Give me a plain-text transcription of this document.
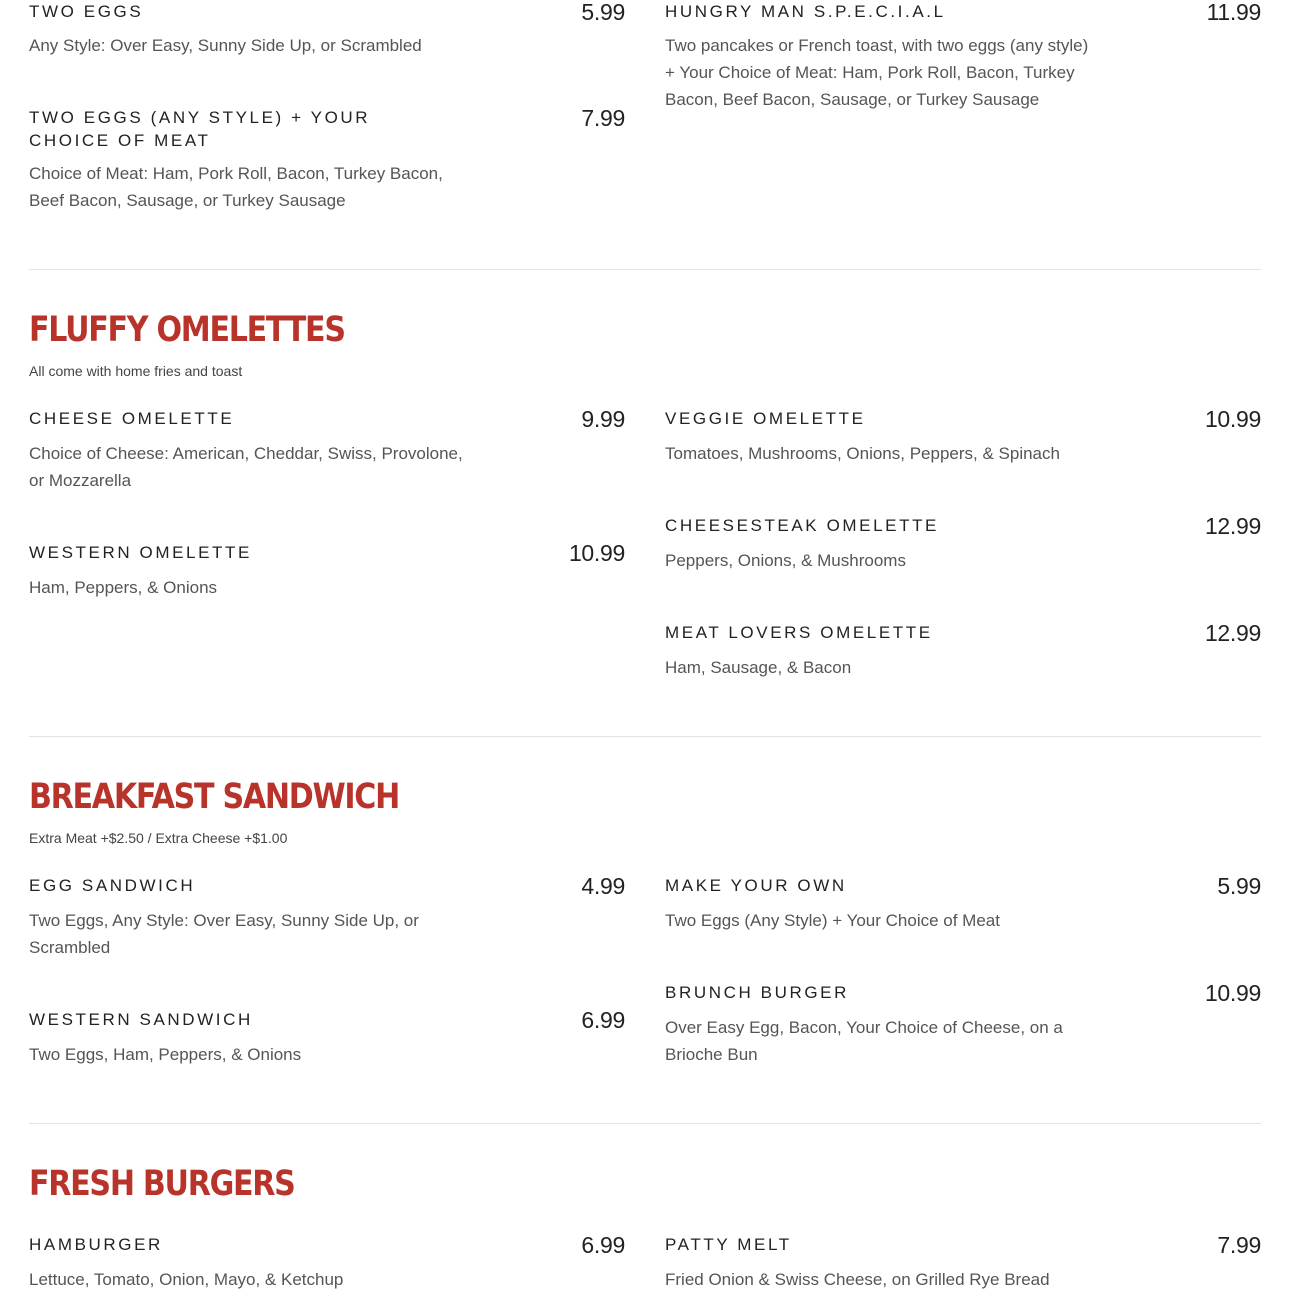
TWO EGGS	5.99
Any Style: Over Easy, Sunny Side Up, or Scrambled
TWO EGGS (ANY STYLE) + YOUR CHOICE OF MEAT
7.99
Choice of Meat: Ham, Pork Roll, Bacon, Turkey Bacon, Beef Bacon, Sausage, or Turkey Sausage
HUNGRY MAN S.P.E.C.I.A.L	11.99
Two pancakes or French toast, with two eggs (any style) + Your Choice of Meat: Ham, Pork Roll, Bacon, Turkey Bacon, Beef Bacon, Sausage, or Turkey Sausage
FLUFFY OMELETTES
All come with home fries and toast
CHEESE OMELETTE	9.99
Choice of Cheese: American, Cheddar, Swiss, Provolone, or Mozzarella
WESTERN OMELETTE	10.99
Ham, Peppers, & Onions
VEGGIE OMELETTE	10.99
Tomatoes, Mushrooms, Onions, Peppers, & Spinach
CHEESESTEAK OMELETTE	12.99
Peppers, Onions, & Mushrooms
MEAT LOVERS OMELETTE	12.99
Ham, Sausage, & Bacon
BREAKFAST SANDWICH
Extra Meat +$2.50 / Extra Cheese +$1.00
EGG SANDWICH	4.99
Two Eggs, Any Style: Over Easy, Sunny Side Up, or Scrambled
WESTERN SANDWICH	6.99
Two Eggs, Ham, Peppers, & Onions
MAKE YOUR OWN	5.99
Two Eggs (Any Style) + Your Choice of Meat
BRUNCH BURGER	10.99
Over Easy Egg, Bacon, Your Choice of Cheese, on a Brioche Bun
FRESH BURGERS
HAMBURGER	6.99
Lettuce, Tomato, Onion, Mayo, & Ketchup
PATTY MELT	7.99
Fried Onion & Swiss Cheese, on Grilled Rye Bread
